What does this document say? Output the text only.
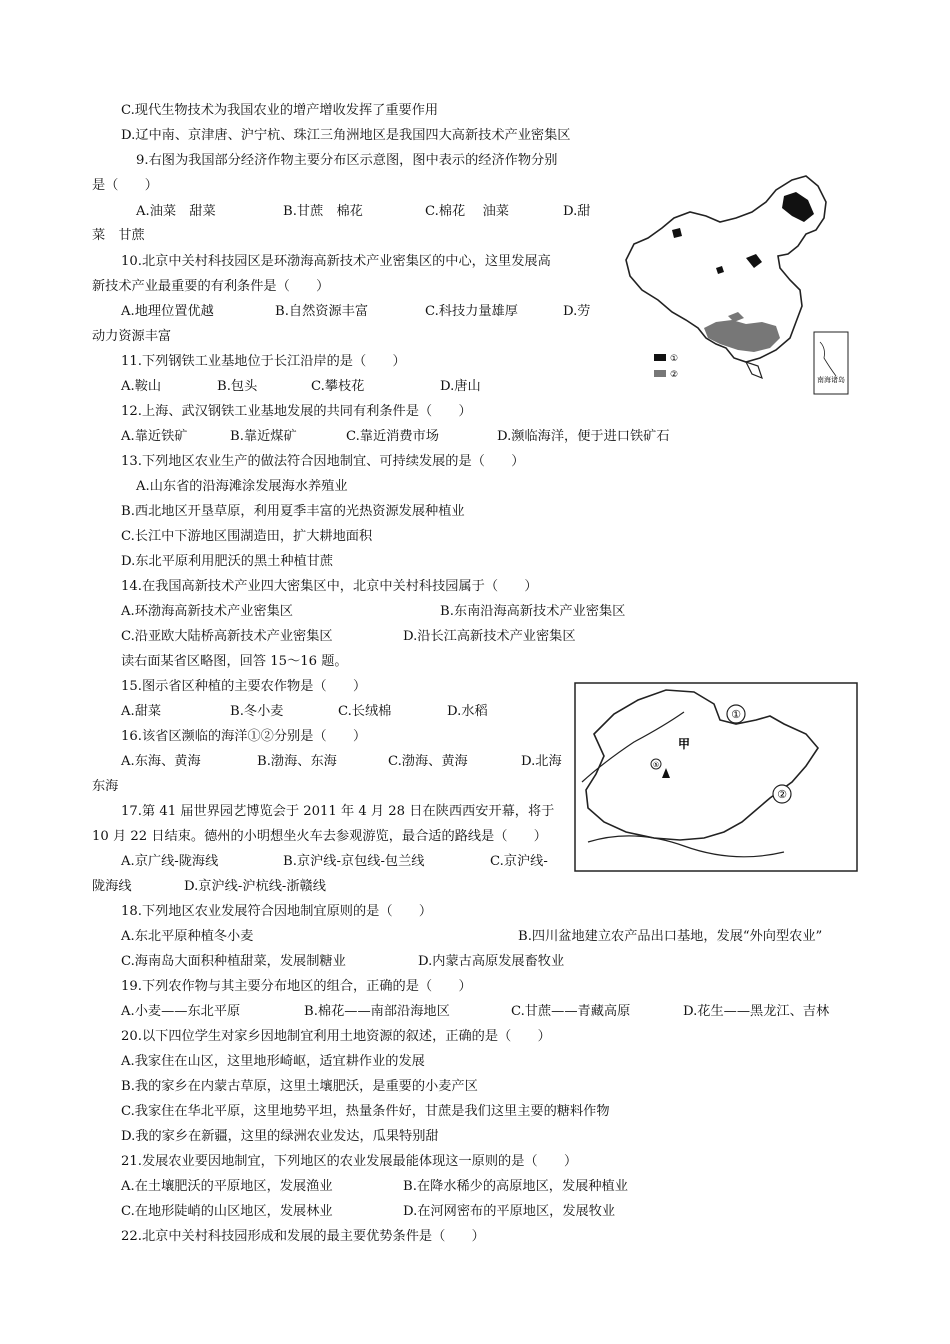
C.现代生物技术为我国农业的增产增收发挥了重要作用
D.辽中南、京津唐、沪宁杭、珠江三角洲地区是我国四大高新技术产业密集区
9.右图为我国部分经济作物主要分布区示意图，图中表示的经济作物分别
是（　　）
A.油菜　甜菜	B.甘蔗　棉花	C.棉花　 油菜	D.甜
菜　甘蔗
10.北京中关村科技园区是环渤海高新技术产业密集区的中心，这里发展高
新技术产业最重要的有利条件是（　　）
A.地理位置优越	B.自然资源丰富	C.科技力量雄厚	D.劳
动力资源丰富
11.下列钢铁工业基地位于长江沿岸的是（　　）
A.鞍山	B.包头	C.攀枝花	D.唐山
12.上海、武汉钢铁工业基地发展的共同有利条件是（　　）
A.靠近铁矿	B.靠近煤矿	C.靠近消费市场	D.濒临海洋，便于进口铁矿石
13.下列地区农业生产的做法符合因地制宜、可持续发展的是（　　）
A.山东省的沿海滩涂发展海水养殖业
B.西北地区开垦草原，利用夏季丰富的光热资源发展种植业
C.长江中下游地区围湖造田，扩大耕地面积
D.东北平原利用肥沃的黑土种植甘蔗
14.在我国高新技术产业四大密集区中，北京中关村科技园属于（　　）
A.环渤海高新技术产业密集区	B.东南沿海高新技术产业密集区
C.沿亚欧大陆桥高新技术产业密集区	D.沿长江高新技术产业密集区
读右面某省区略图，回答 15～16 题。
15.图示省区种植的主要农作物是（　　）
A.甜菜	B.冬小麦	C.长绒棉	D.水稻
16.该省区濒临的海洋①②分别是（　　）
A.东海、黄海	B.渤海、东海	C.渤海、黄海	D.北海
东海
17.第 41 届世界园艺博览会于 2011 年 4 月 28 日在陕西西安开幕，将于
10 月 22 日结束。德州的小明想坐火车去参观游览，最合适的路线是（　　）
A.京广线-陇海线	B.京沪线-京包线-包兰线	C.京沪线-
陇海线	D.京沪线-沪杭线-浙赣线
18.下列地区农业发展符合因地制宜原则的是（　　）
A.东北平原种植冬小麦	B.四川盆地建立农产品出口基地，发展“外向型农业”
C.海南岛大面积种植甜菜，发展制糖业	D.内蒙古高原发展畜牧业
19.下列农作物与其主要分布地区的组合，正确的是（　　）
A.小麦——东北平原	B.棉花——南部沿海地区	C.甘蔗——青藏高原	D.花生——黑龙江、吉林
20.以下四位学生对家乡因地制宜利用土地资源的叙述，正确的是（　　）
A.我家住在山区，这里地形崎岖，适宜耕作业的发展
B.我的家乡在内蒙古草原，这里土壤肥沃，是重要的小麦产区
C.我家住在华北平原，这里地势平坦，热量条件好，甘蔗是我们这里主要的糖料作物
D.我的家乡在新疆，这里的绿洲农业发达，瓜果特别甜
21.发展农业要因地制宜，下列地区的农业发展最能体现这一原则的是（　　）
A.在土壤肥沃的平原地区，发展渔业	B.在降水稀少的高原地区，发展种植业
C.在地形陡峭的山区地区，发展林业	D.在河网密布的平原地区，发展牧业
22.北京中关村科技园形成和发展的最主要优势条件是（　　）
南海诸岛
①
②
①
②
甲
⑤
